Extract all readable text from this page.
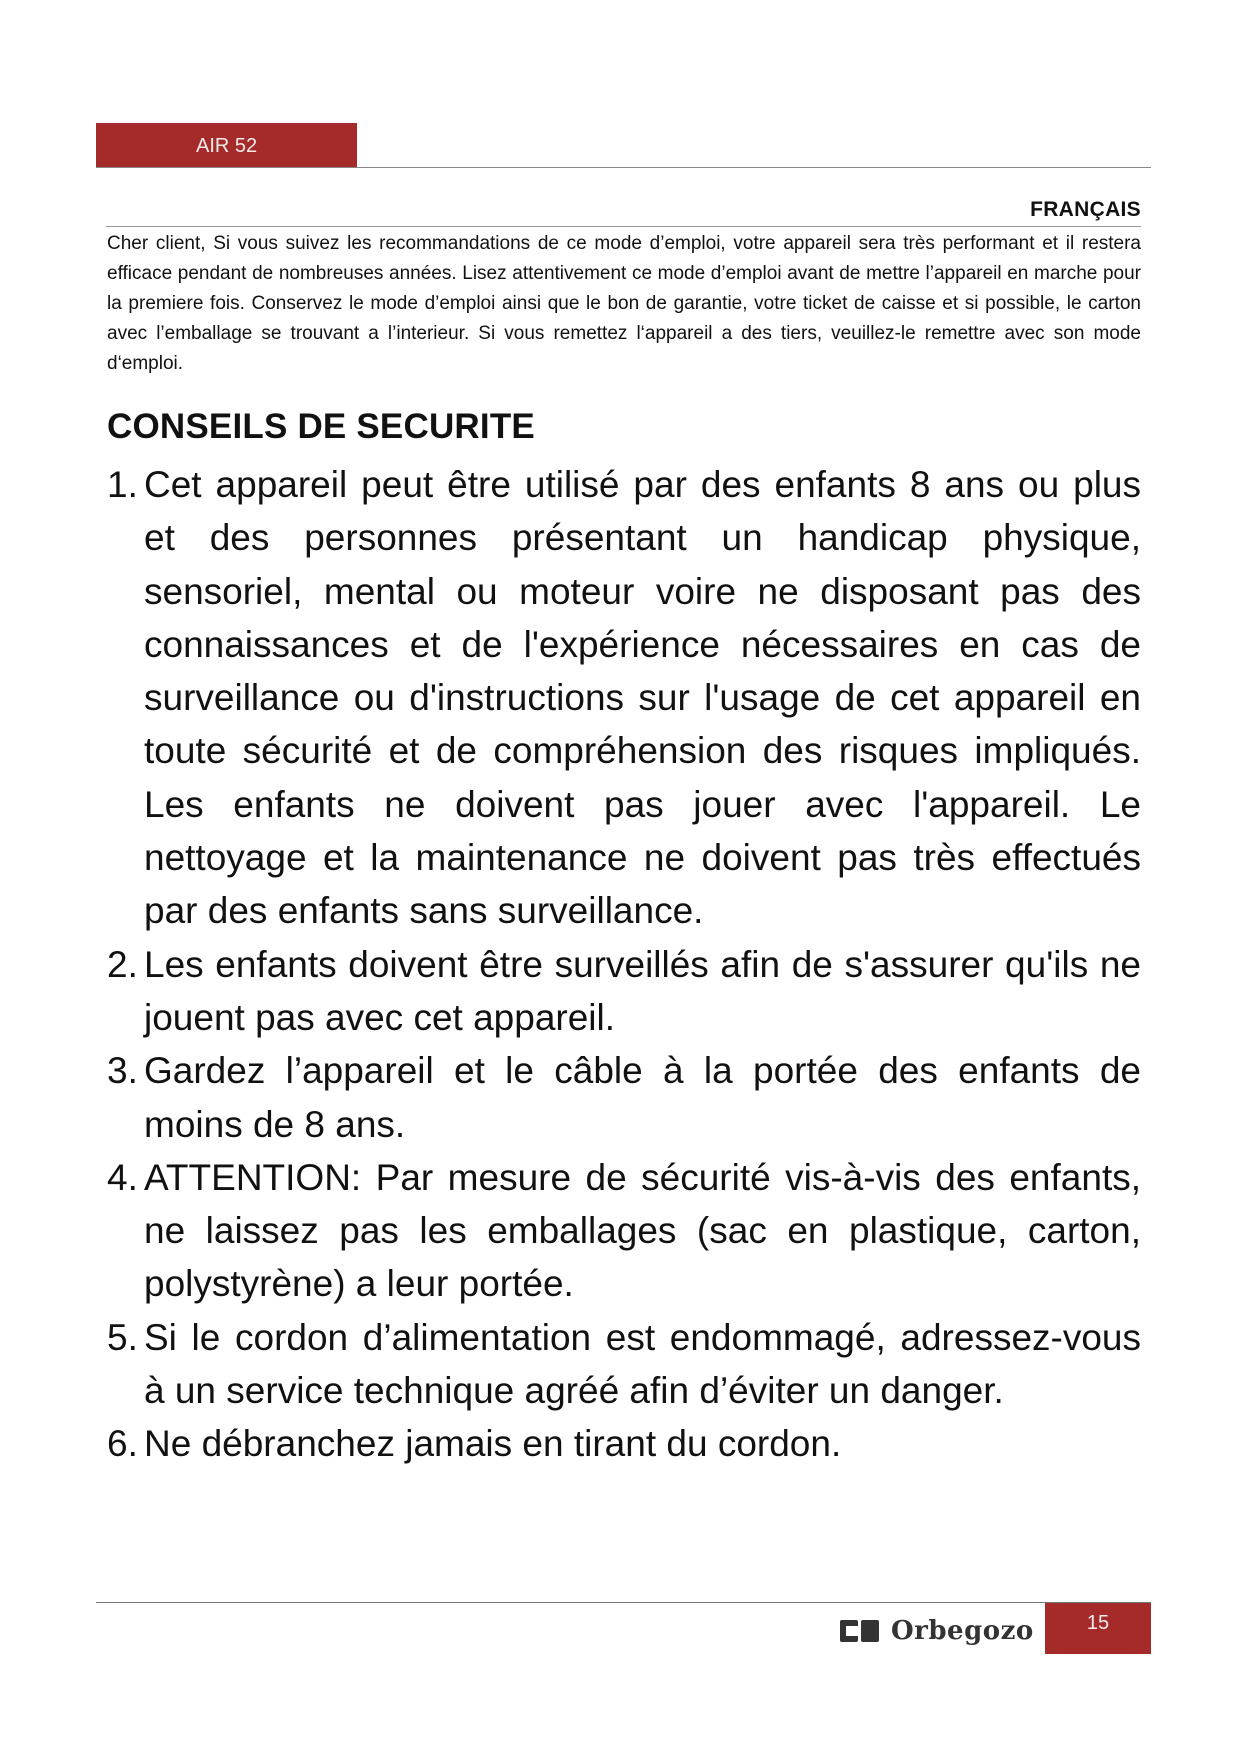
AIR 52
FRANÇAIS

Cher client, Si vous suivez les recommandations de ce mode d’emploi, votre appareil sera très performant et il restera efficace pendant de nombreuses années. Lisez attentivement ce mode d’emploi avant de mettre l’appareil en marche pour la premiere fois. Conservez le mode d’emploi ainsi que le bon de garantie, votre ticket de caisse et si possible, le carton avec l’emballage se trouvant a l’interieur. Si vous remettez l‘appareil a des tiers, veuillez-le remettre avec son mode d‘emploi.

CONSEILS DE SECURITE
1. Cet appareil peut être utilisé par des enfants 8 ans ou plus et des personnes présentant un handicap physique, sensoriel, mental ou moteur voire ne disposant pas des connaissances et de l'expérience nécessaires en cas de surveillance ou d'instructions sur l'usage de cet appareil en toute sécurité et de compréhension des risques impliqués. Les enfants ne doivent pas jouer avec l'appareil. Le nettoyage et la maintenance ne doivent pas très effectués par des enfants sans surveillance.
2. Les enfants doivent être surveillés afin de s'assurer qu'ils ne jouent pas avec cet appareil.
3. Gardez l’appareil et le câble à la portée des enfants de moins de 8 ans.
4. ATTENTION: Par mesure de sécurité vis-à-vis des enfants, ne laissez pas les emballages (sac en plastique, carton, polystyrène) a leur portée.
5. Si le cordon d’alimentation est endommagé, adressez-vous à un service technique agréé afin d’éviter un danger.
6. Ne débranchez jamais en tirant du cordon.
Orbegozo	15
